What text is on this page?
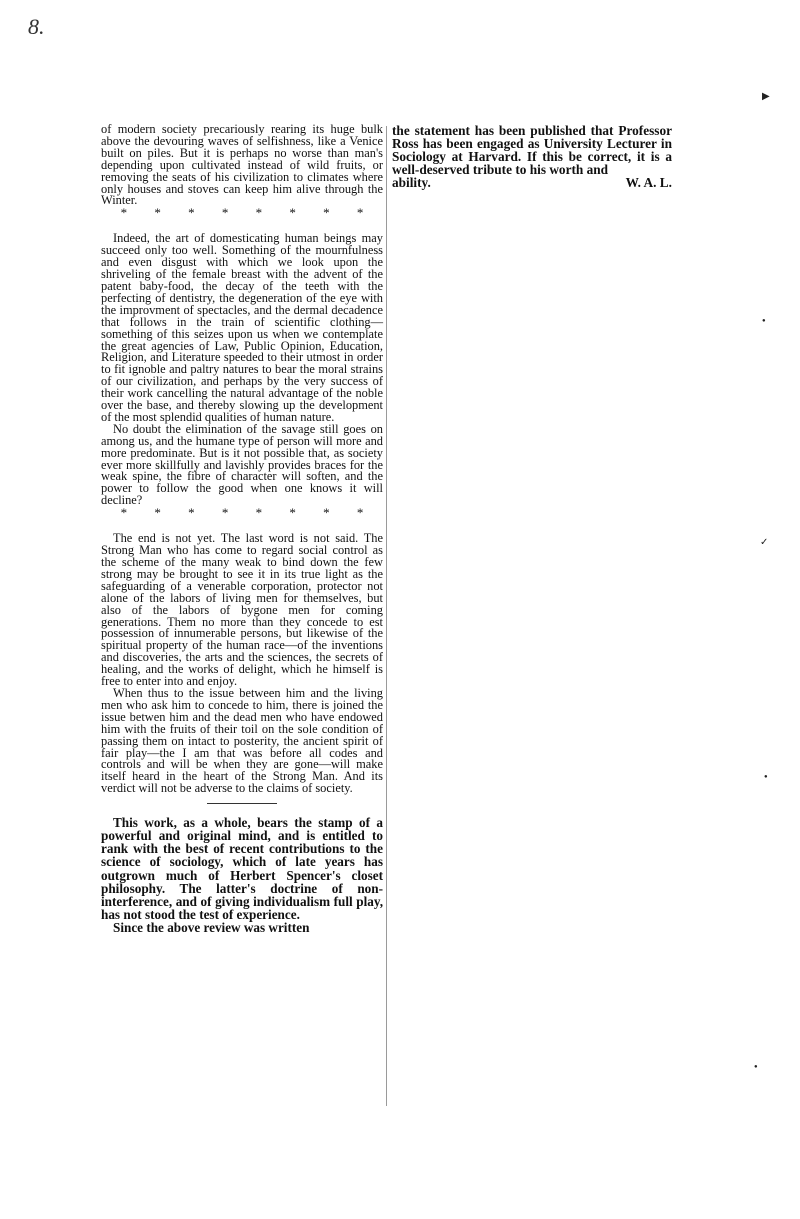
8.

of modern society precariously rearing its huge bulk above the devouring waves of selfishness, like a Venice built on piles. But it is perhaps no worse than man's depending upon cultivated instead of wild fruits, or removing the seats of his civilization to climates where only houses and stoves can keep him alive through the Winter.

* * * * * * * *

Indeed, the art of domesticating human beings may succeed only too well. Something of the mournfulness and even disgust with which we look upon the shriveling of the female breast with the advent of the patent baby-food, the decay of the teeth with the perfecting of dentistry, the degeneration of the eye with the improvment of spectacles, and the dermal decadence that follows in the train of scientific clothing—something of this seizes upon us when we contemplate the great agencies of Law, Public Opinion, Education, Religion, and Literature speeded to their utmost in order to fit ignoble and paltry natures to bear the moral strains of our civilization, and perhaps by the very success of their work cancelling the natural advantage of the noble over the base, and thereby slowing up the development of the most splendid qualities of human nature.

No doubt the elimination of the savage still goes on among us, and the humane type of person will more and more predominate. But is it not possible that, as society ever more skillfully and lavishly provides braces for the weak spine, the fibre of character will soften, and the power to follow the good when one knows it will decline?

* * * * * * * *

The end is not yet. The last word is not said. The Strong Man who has come to regard social control as the scheme of the many weak to bind down the few strong may be brought to see it in its true light as the safeguarding of a venerable corporation, protector not alone of the labors of living men for themselves, but also of the labors of bygone men for coming generations. Them no more than they concede to est possession of innumerable persons, but likewise of the spiritual property of the human race—of the inventions and discoveries, the arts and the sciences, the secrets of healing, and the works of delight, which he himself is free to enter into and enjoy.

When thus to the issue between him and the living men who ask him to concede to him, there is joined the issue betwen him and the dead men who have endowed him with the fruits of their toil on the sole condition of passing them on intact to posterity, the ancient spirit of fair play—the I am that was before all codes and controls and will be when they are gone—will make itself heard in the heart of the Strong Man. And its verdict will not be adverse to the claims of society.

This work, as a whole, bears the stamp of a powerful and original mind, and is entitled to rank with the best of recent contributions to the science of sociology, which of late years has outgrown much of Herbert Spencer's closet philosophy. The latter's doctrine of non-interference, and of giving individualism full play, has not stood the test of experience.

Since the above review was written

the statement has been published that Professor Ross has been engaged as University Lecturer in Sociology at Harvard. If this be correct, it is a well-deserved tribute to his worth and

ability.	W. A. L.
▶
●
✓
●
●
